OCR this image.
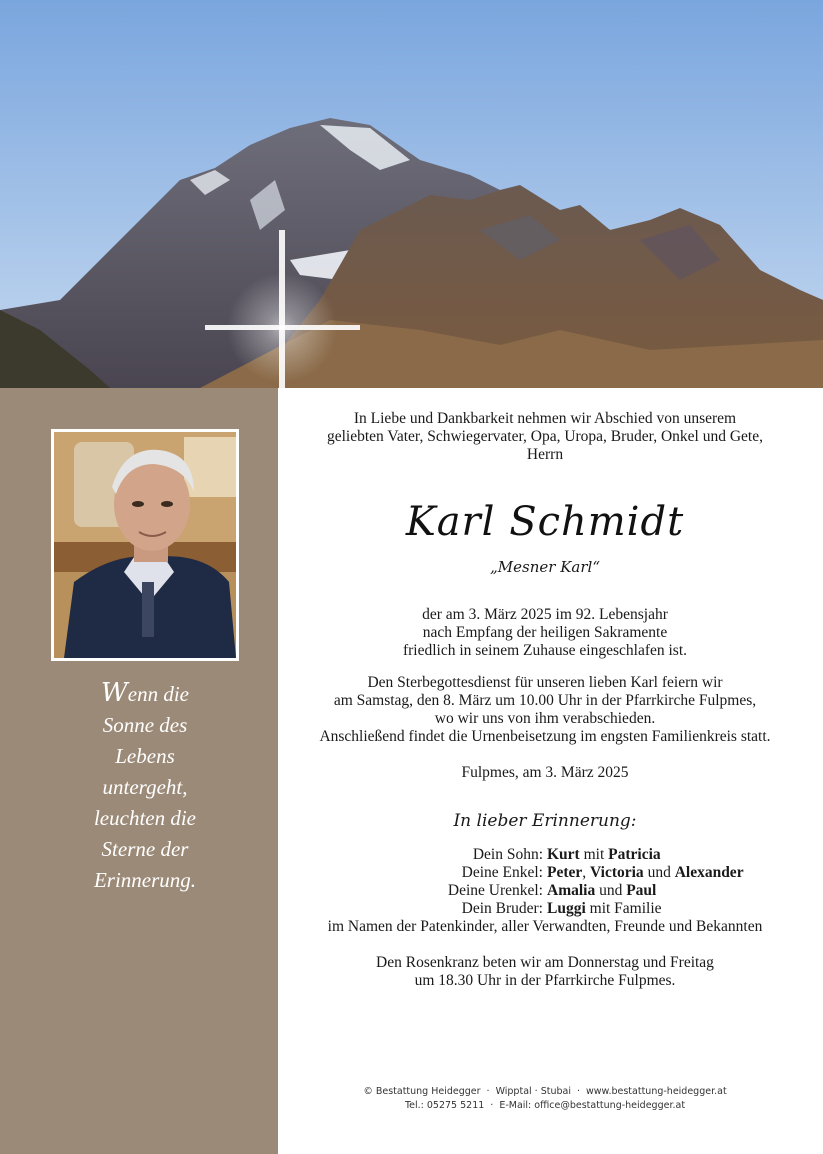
Wenn die
Sonne des
Lebens
untergeht,
leuchten die
Sterne der
Erinnerung.
In Liebe und Dankbarkeit nehmen wir Abschied von unserem
geliebten Vater, Schwiegervater, Opa, Uropa, Bruder, Onkel und Gete,
Herrn
Karl Schmidt
„Mesner Karl“
der am 3. März 2025 im 92. Lebensjahr
nach Empfang der heiligen Sakramente
friedlich in seinem Zuhause eingeschlafen ist.
Den Sterbegottesdienst für unseren lieben Karl feiern wir
am Samstag, den 8. März um 10.00 Uhr in der Pfarrkirche Fulpmes,
wo wir uns von ihm verabschieden.
Anschließend findet die Urnenbeisetzung im engsten Familienkreis statt.
Fulpmes, am 3. März 2025
In lieber Erinnerung:
Dein Sohn: Kurt mit Patricia
Deine Enkel: Peter, Victoria und Alexander
Deine Urenkel: Amalia und Paul
Dein Bruder: Luggi mit Familie
im Namen der Patenkinder, aller Verwandten, Freunde und Bekannten
Den Rosenkranz beten wir am Donnerstag und Freitag
um 18.30 Uhr in der Pfarrkirche Fulpmes.
© Bestattung Heidegger · Wipptal · Stubai · www.bestattung-heidegger.at
Tel.: 05275 5211 · E-Mail: office@bestattung-heidegger.at
